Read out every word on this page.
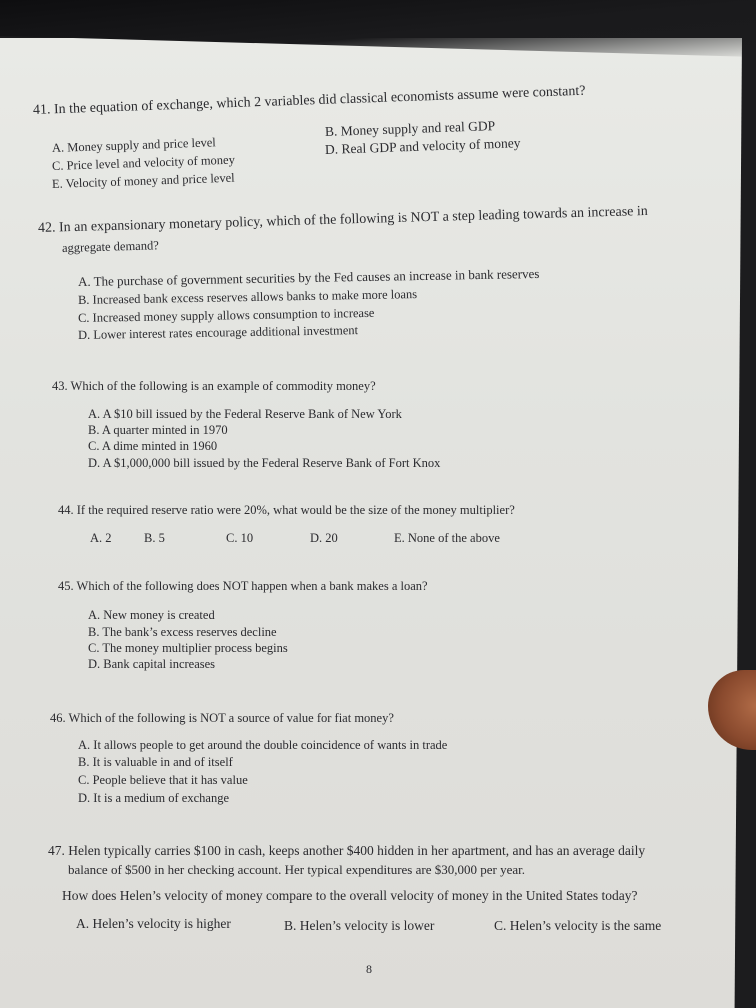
41. In the equation of exchange, which 2 variables did classical economists assume were constant?
A. Money supply and price level
B. Money supply and real GDP
C. Price level and velocity of money
D. Real GDP and velocity of money
E. Velocity of money and price level
42. In an expansionary monetary policy, which of the following is NOT a step leading towards an increase in
aggregate demand?
A. The purchase of government securities by the Fed causes an increase in bank reserves
B. Increased bank excess reserves allows banks to make more loans
C. Increased money supply allows consumption to increase
D. Lower interest rates encourage additional investment
43. Which of the following is an example of commodity money?
A. A $10 bill issued by the Federal Reserve Bank of New York
B. A quarter minted in 1970
C. A dime minted in 1960
D. A $1,000,000 bill issued by the Federal Reserve Bank of Fort Knox
44. If the required reserve ratio were 20%, what would be the size of the money multiplier?
A. 2	B. 5	C. 10	D. 20	E. None of the above
45. Which of the following does NOT happen when a bank makes a loan?
A. New money is created
B. The bank’s excess reserves decline
C. The money multiplier process begins
D. Bank capital increases
46. Which of the following is NOT a source of value for fiat money?
A. It allows people to get around the double coincidence of wants in trade
B. It is valuable in and of itself
C. People believe that it has value
D. It is a medium of exchange
47. Helen typically carries $100 in cash, keeps another $400 hidden in her apartment, and has an average daily
balance of $500 in her checking account. Her typical expenditures are $30,000 per year.
How does Helen’s velocity of money compare to the overall velocity of money in the United States today?
A. Helen’s velocity is higher	B. Helen’s velocity is lower	C. Helen’s velocity is the same
8
